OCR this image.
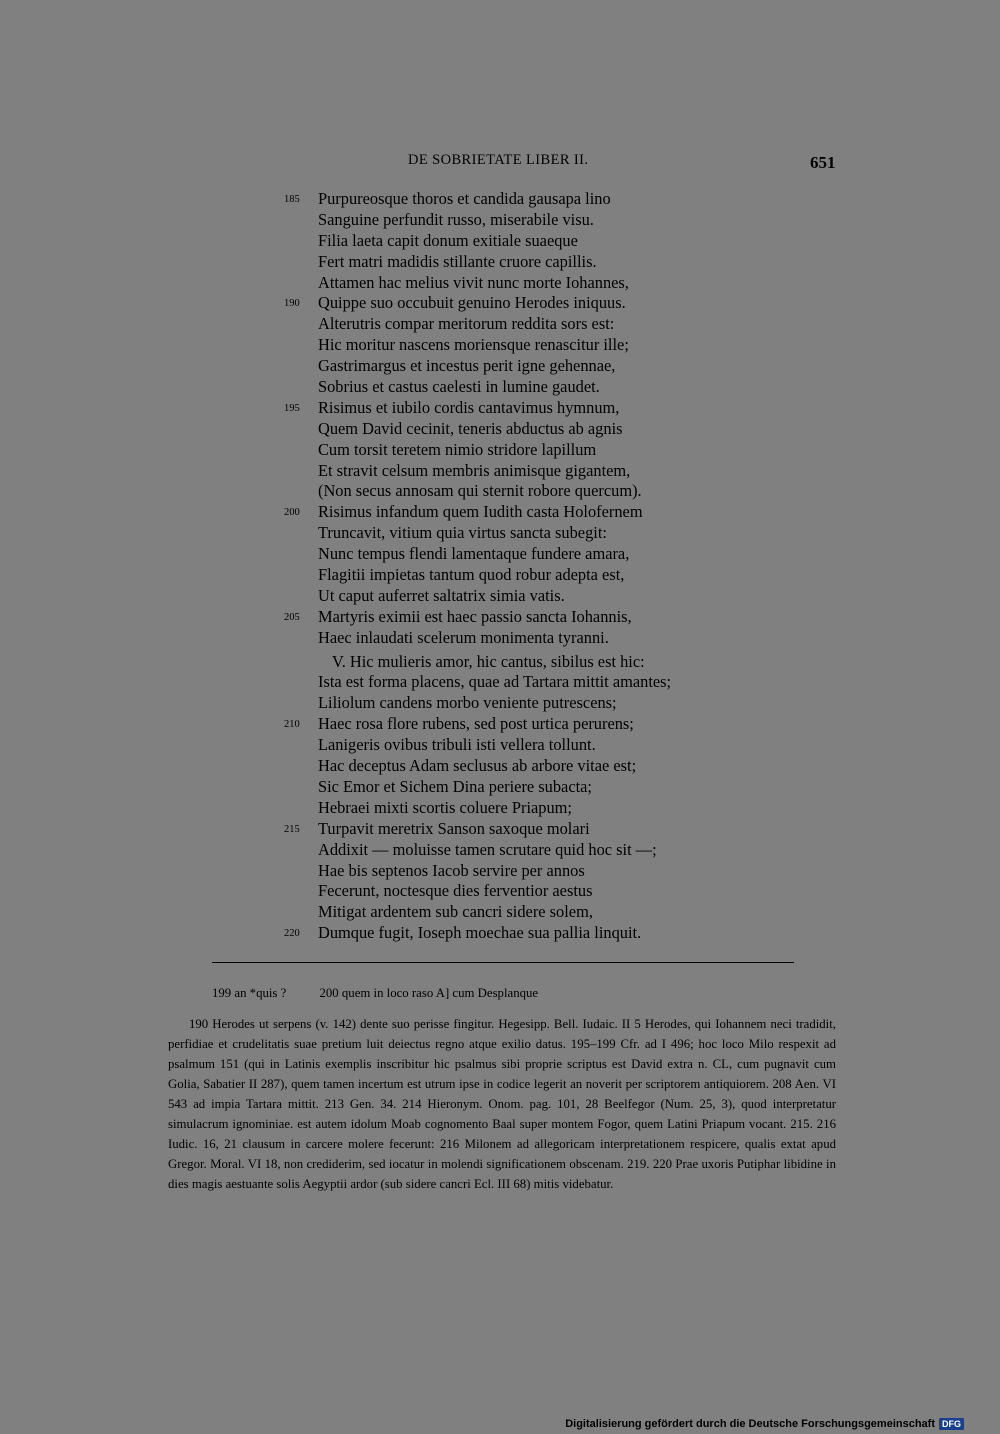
DE SOBRIETATE LIBER II.	651
185 Purpureosque thoros et candida gausapa lino
Sanguine perfundit russo, miserabile visu.
Filia laeta capit donum exitiale suaeque
Fert matri madidis stillante cruore capillis.
Attamen hac melius vivit nunc morte Iohannes,
190 Quippe suo occubuit genuino Herodes iniquus.
Alterutris compar meritorum reddita sors est:
Hic moritur nascens moriensque renascitur ille;
Gastrimargus et incestus perit igne gehennae,
Sobrius et castus caelesti in lumine gaudet.
195 Risimus et iubilo cordis cantavimus hymnum,
Quem David cecinit, teneris abductus ab agnis
Cum torsit teretem nimio stridore lapillum
Et stravit celsum membris animisque gigantem,
(Non secus annosam qui sternit robore quercum).
200 Risimus infandum quem Iudith casta Holofernem
Truncavit, vitium quia virtus sancta subegit:
Nunc tempus flendi lamentaque fundere amara,
Flagitii impietas tantum quod robur adepta est,
Ut caput auferret saltatrix simia vatis.
205 Martyris eximii est haec passio sancta Iohannis,
Haec inlaudati scelerum monimenta tyranni.
V. Hic mulieris amor, hic cantus, sibilus est hic:
Ista est forma placens, quae ad Tartara mittit amantes;
Liliolum candens morbo veniente putrescens;
210 Haec rosa flore rubens, sed post urtica perurens;
Lanigeris ovibus tribuli isti vellera tollunt.
Hac deceptus Adam seclusus ab arbore vitae est;
Sic Emor et Sichem Dina periere subacta;
Hebraei mixti scortis coluere Priapum;
215 Turpavit meretrix Sanson saxoque molari
Addixit — moluisse tamen scrutare quid hoc sit —;
Hae bis septenos Iacob servire per annos
Fecerunt, noctesque dies ferventior aestus
Mitigat ardentem sub cancri sidere solem,
220 Dumque fugit, Ioseph moechae sua pallia linquit.
199 an *quis ?	200 quem in loco raso A] cum Desplanque

190 Herodes ut serpens (v. 142) dente suo perisse fingitur. Hegesipp. Bell. Iudaic. II 5 Herodes, qui Iohannem neci tradidit, perfidiae et crudelitatis suae pretium luit deiectus regno atque exilio datus. 195–199 Cfr. ad I 496; hoc loco Milo respexit ad psalmum 151 (qui in Latinis exemplis inscribitur hic psalmus sibi proprie scriptus est David extra n. CL, cum pugnavit cum Golia, Sabatier II 287), quem tamen incertum est utrum ipse in codice legerit an noverit per scriptorem antiquiorem. 208 Aen. VI 543 ad impia Tartara mittit. 213 Gen. 34. 214 Hieronym. Onom. pag. 101, 28 Beelfegor (Num. 25, 3), quod interpretatur simulacrum ignominiae. est autem idolum Moab cognomento Baal super montem Fogor, quem Latini Priapum vocant. 215. 216 Iudic. 16, 21 clausum in carcere molere fecerunt: 216 Milonem ad allegoricam interpretationem respicere, qualis extat apud Gregor. Moral. VI 18, non crediderim, sed iocatur in molendi significationem obscenam. 219. 220 Prae uxoris Putiphar libidine in dies magis aestuante solis Aegyptii ardor (sub sidere cancri Ecl. III 68) mitis videbatur.

Digitalisierung gefördert durch die Deutsche Forschungsgemeinschaft DFG
